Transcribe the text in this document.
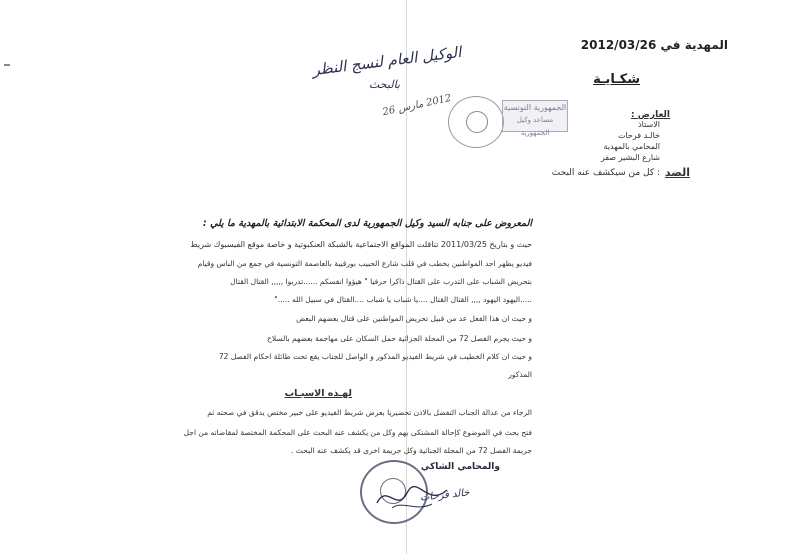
المهدية في 2012/03/26
الوكيل العام لنسج النظر
بالبحث
2012 مارس 26
شكـايـة
الجمهورية التونسية
مساعد وكيل الجمهورية
العارض :
الاستاذ
خالـد فرحات
المحامي بالمهدية
شارع البشير صفر
الضد
: كل من سيكشف عنه البحث
المعروض على جنابه السيد وكيل الجمهورية لدى المحكمة الابتدائية بالمهدية ما يلي :
حيث و بتاريخ 2011/03/25 تناقلت المواقع الاجتماعية بالشبكة العنكبوتية و خاصة موقع الفيسبوك شريط
فيديو يظهر احد المواطنين يخطب في قلب شارع الحبيب بورقيبة بالعاصمة التونسية في جمع من الناس وقيام
بتحريض الشباب على التدرب على القتال ذاكرا حرفيا " هيؤوا انفسكم ......تدربوا ,,,,, القتال القتال
.....اليهود اليهود ,,,, القتال القتال ....يا شباب يا شباب ....القتال في سبيل الله ....."
و حيث ان هذا الفعل عد من قبيل تحريض المواطنين على قتال بعضهم البعض
و حيث يجرم الفصل 72 من المجلة الجزائية حمل السكان على مهاجمة بعضهم بالسلاح
و حيث ان كلام الخطيب في شريط الفيديو المذكور و الواصل للجناب يقع تحت طائلة احكام الفصل 72
المذكور
لهـذه الاسبـاب
الرجاء من عدالة الجناب التفضل بالاذن تحضيريا بعرض شريط الفيديو على خبير مختص يدقق في صحته ثم
فتح بحث في الموضوع كإحالة المشتكى بهم وكل من يكشف عنه البحث على المحكمة المختصة لمقاضاته من اجل
جريمة الفصل 72 من المجلة الجنائية وكل جريمة اخرى قد يكشف عنه البحث .
والمحامي الشاكي
خالد فرحات
